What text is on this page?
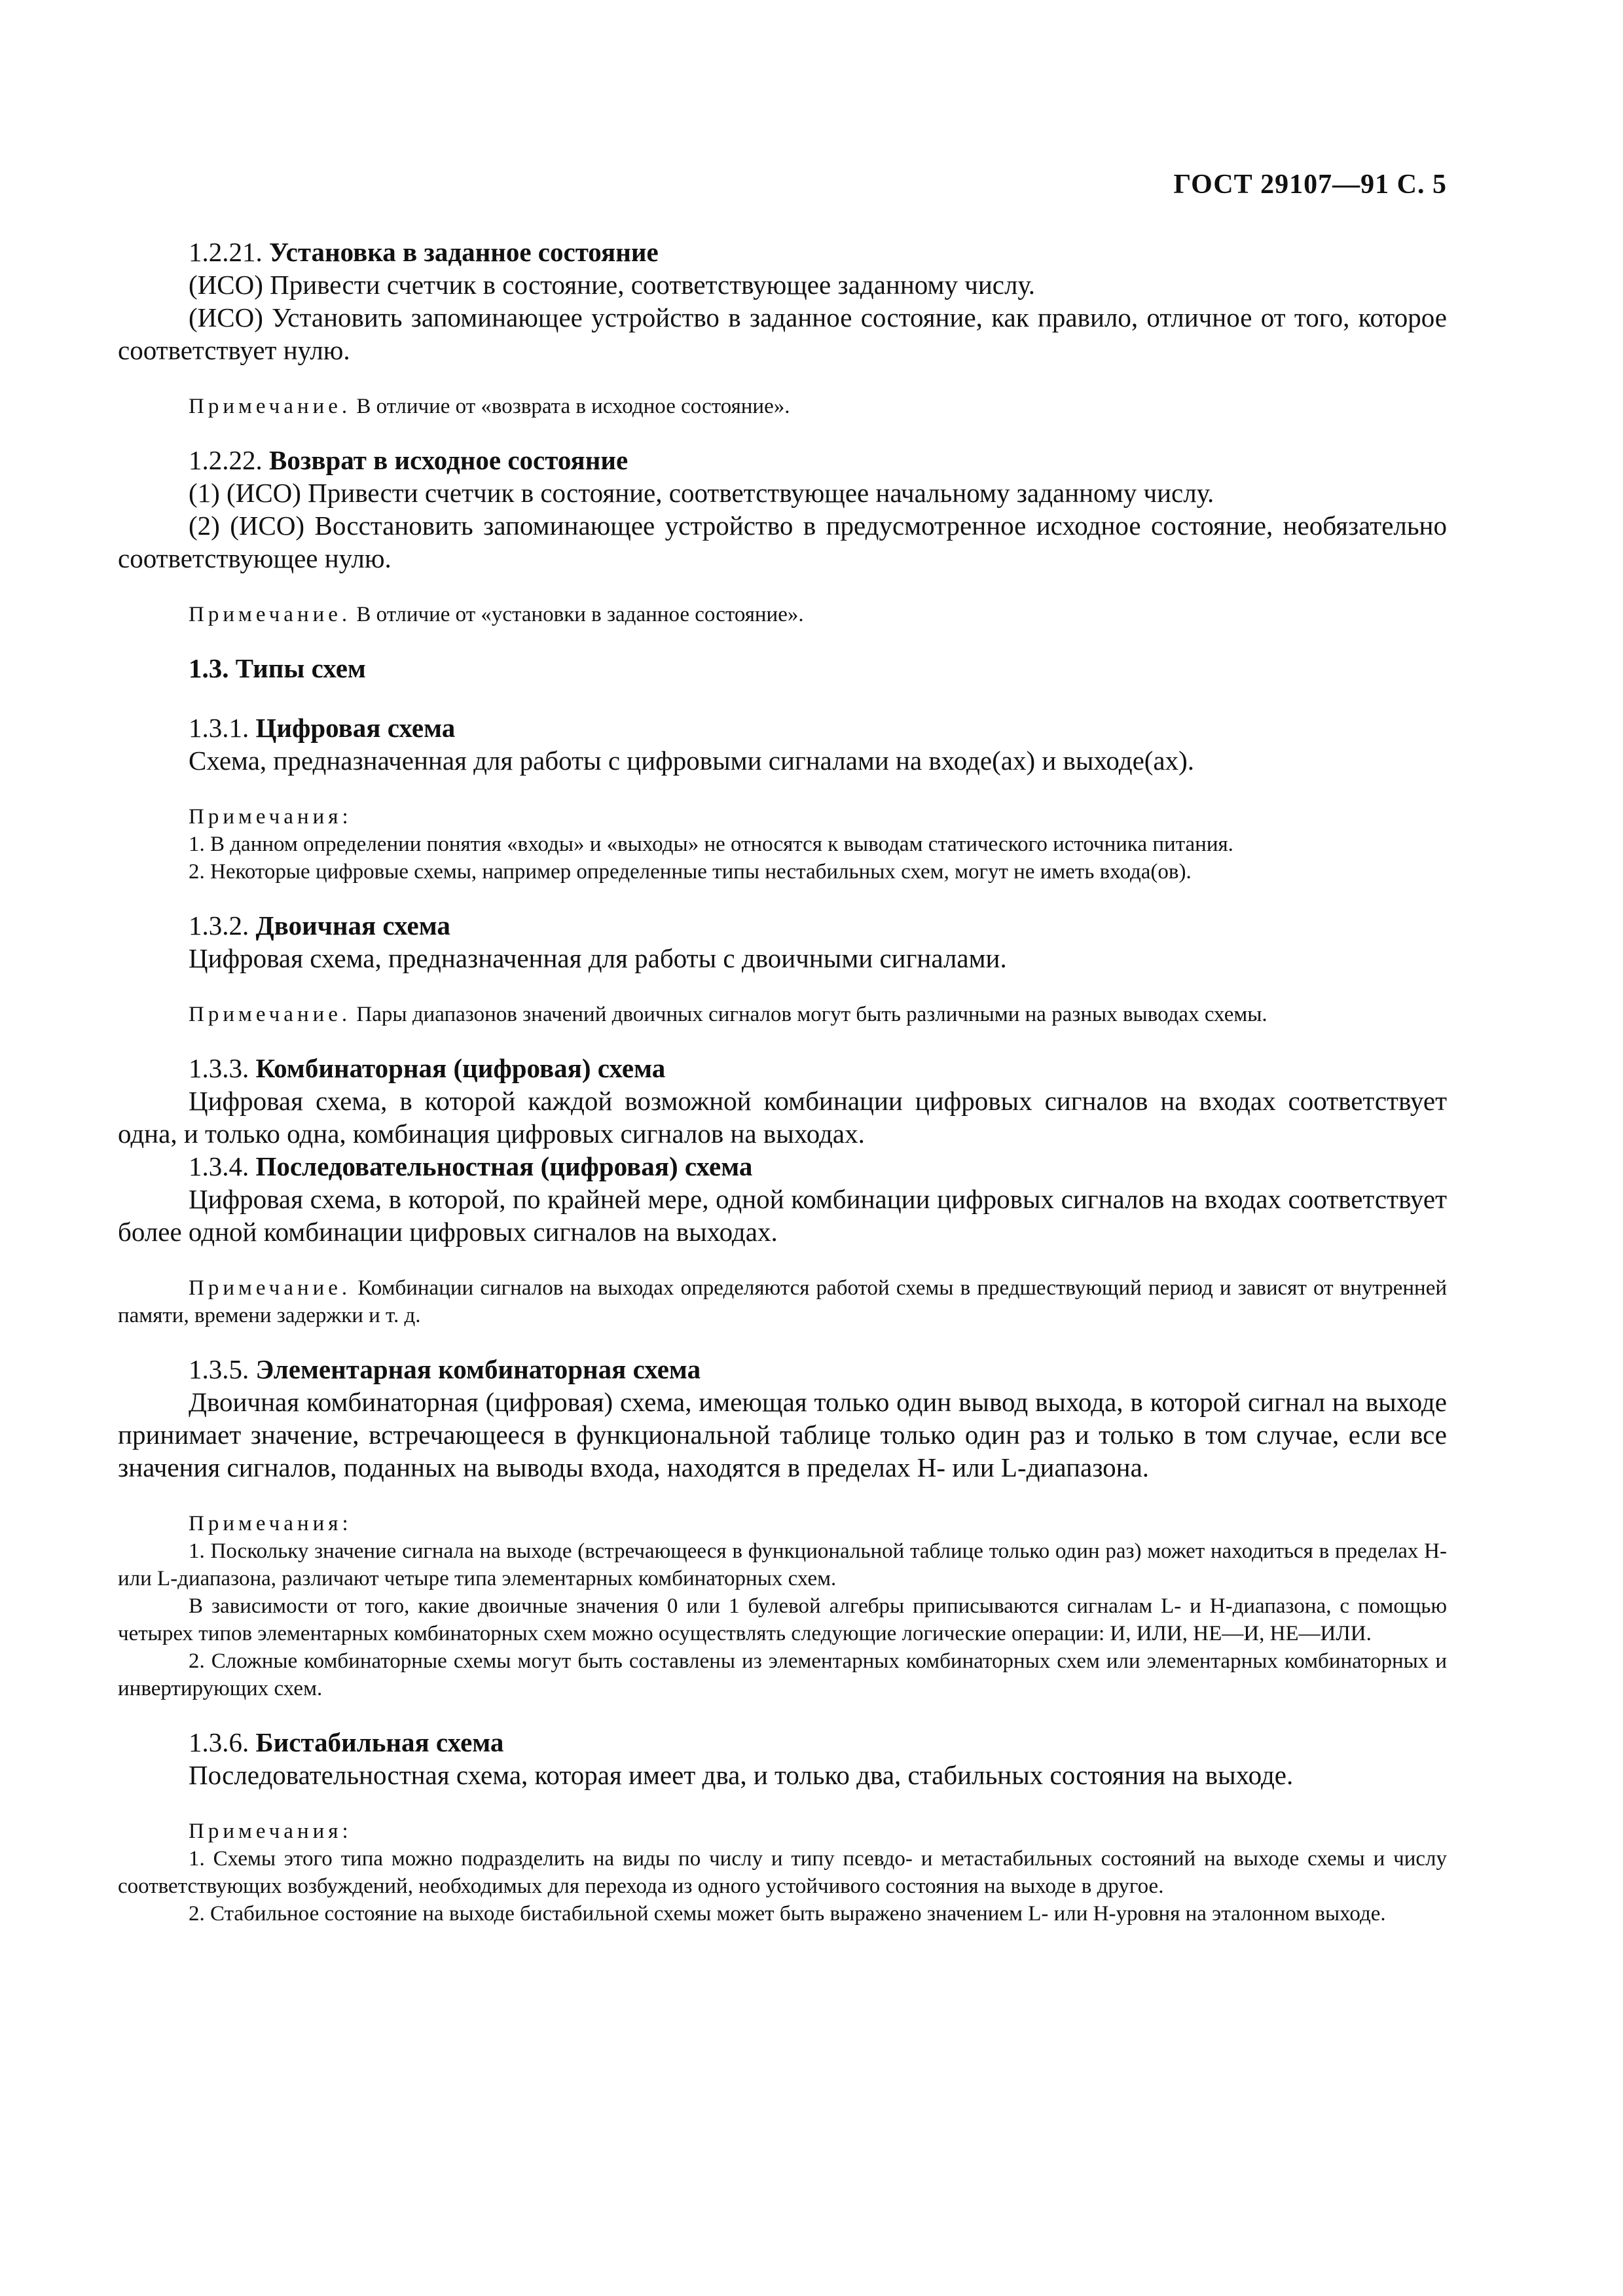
ГОСТ 29107—91 С. 5

1.2.21. Установка в заданное состояние

(ИСО) Привести счетчик в состояние, соответствующее заданному числу.

(ИСО) Установить запоминающее устройство в заданное состояние, как правило, отличное от того, которое соответствует нулю.

Примечание. В отличие от «возврата в исходное состояние».

1.2.22. Возврат в исходное состояние

(1) (ИСО) Привести счетчик в состояние, соответствующее начальному заданному числу.

(2) (ИСО) Восстановить запоминающее устройство в предусмотренное исходное состояние, необязательно соответствующее нулю.

Примечание. В отличие от «установки в заданное состояние».

1.3. Типы схем

1.3.1. Цифровая схема

Схема, предназначенная для работы с цифровыми сигналами на входе(ах) и выходе(ах).

Примечания:

1. В данном определении понятия «входы» и «выходы» не относятся к выводам статического источника питания.

2. Некоторые цифровые схемы, например определенные типы нестабильных схем, могут не иметь входа(ов).

1.3.2. Двоичная схема

Цифровая схема, предназначенная для работы с двоичными сигналами.

Примечание. Пары диапазонов значений двоичных сигналов могут быть различными на разных выводах схемы.

1.3.3. Комбинаторная (цифровая) схема

Цифровая схема, в которой каждой возможной комбинации цифровых сигналов на входах соответствует одна, и только одна, комбинация цифровых сигналов на выходах.

1.3.4. Последовательностная (цифровая) схема

Цифровая схема, в которой, по крайней мере, одной комбинации цифровых сигналов на входах соответствует более одной комбинации цифровых сигналов на выходах.

Примечание. Комбинации сигналов на выходах определяются работой схемы в предшествующий период и зависят от внутренней памяти, времени задержки и т. д.

1.3.5. Элементарная комбинаторная схема

Двоичная комбинаторная (цифровая) схема, имеющая только один вывод выхода, в которой сигнал на выходе принимает значение, встречающееся в функциональной таблице только один раз и только в том случае, если все значения сигналов, поданных на выводы входа, находятся в пределах Н- или L-диапазона.

Примечания:

1. Поскольку значение сигнала на выходе (встречающееся в функциональной таблице только один раз) может находиться в пределах Н- или L-диапазона, различают четыре типа элементарных комбинаторных схем.

В зависимости от того, какие двоичные значения 0 или 1 булевой алгебры приписываются сигналам L- и Н-диапазона, с помощью четырех типов элементарных комбинаторных схем можно осуществлять следующие логические операции: И, ИЛИ, НЕ—И, НЕ—ИЛИ.

2. Сложные комбинаторные схемы могут быть составлены из элементарных комбинаторных схем или элементарных комбинаторных и инвертирующих схем.

1.3.6. Бистабильная схема

Последовательностная схема, которая имеет два, и только два, стабильных состояния на выходе.

Примечания:

1. Схемы этого типа можно подразделить на виды по числу и типу псевдо- и метастабильных состояний на выходе схемы и числу соответствующих возбуждений, необходимых для перехода из одного устойчивого состояния на выходе в другое.

2. Стабильное состояние на выходе бистабильной схемы может быть выражено значением L- или Н-уровня на эталонном выходе.
